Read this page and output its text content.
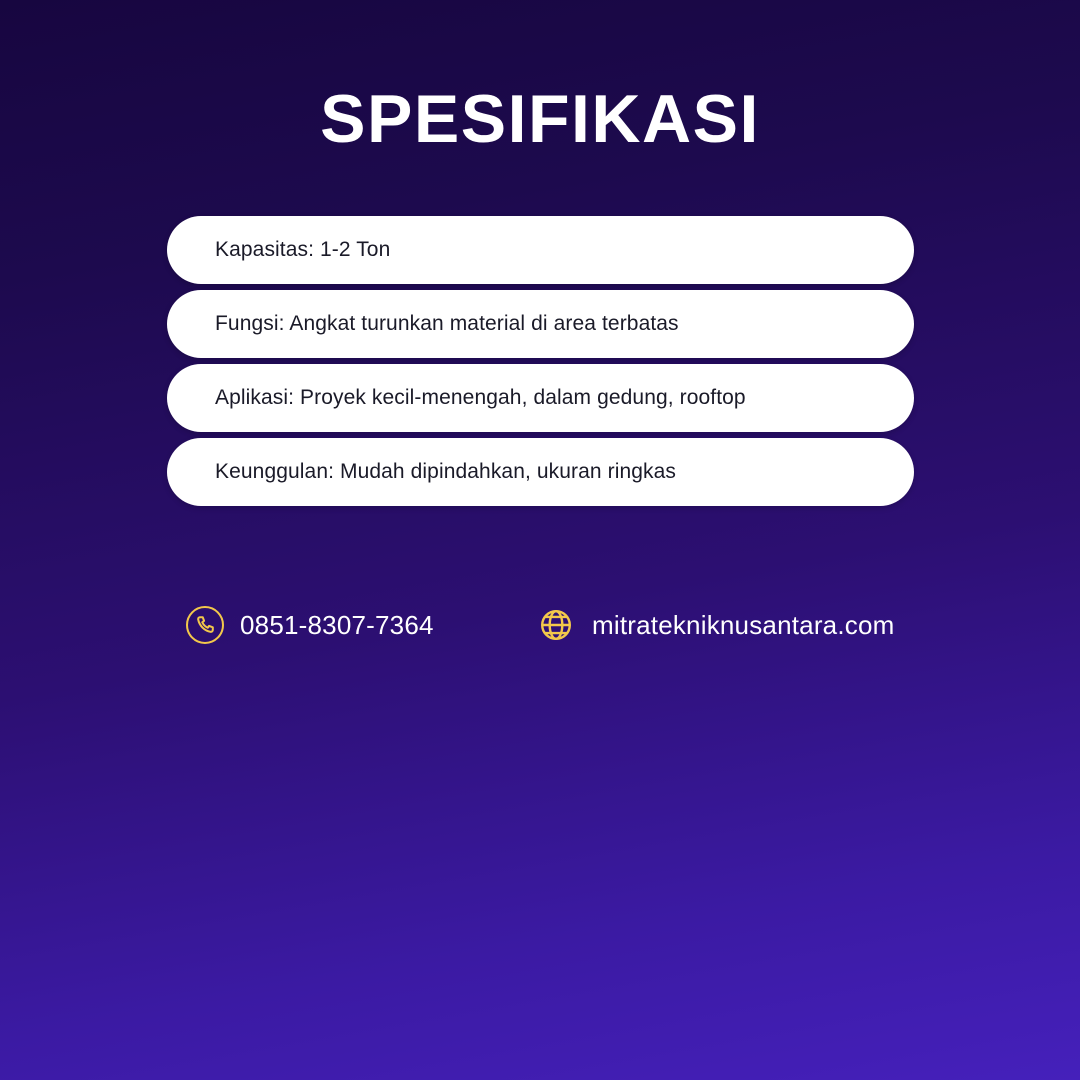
SPESIFIKASI
Kapasitas: 1-2 Ton
Fungsi: Angkat turunkan material di area terbatas
Aplikasi: Proyek kecil-menengah, dalam gedung, rooftop
Keunggulan: Mudah dipindahkan, ukuran ringkas
0851-8307-7364	mitratekniknusantara.com
